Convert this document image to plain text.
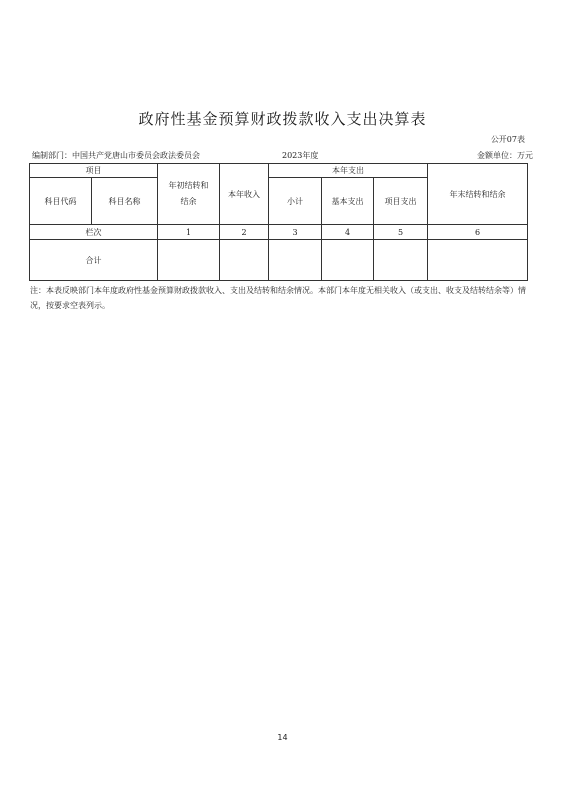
政府性基金预算财政拨款收入支出决算表
公开07表
编制部门：中国共产党唐山市委员会政法委员会	2023年度	金额单位：万元
项目		年初结转和结余	本年收入	本年支出			年末结转和结余
科目代码	科目名称			小计	基本支出	项目支出	
栏次		1	2	3	4	5	6
合计							
注：本表反映部门本年度政府性基金预算财政拨款收入、支出及结转和结余情况。本部门本年度无相关收入（或支出、收支及结转结余等）情况，按要求空表列示。
14
